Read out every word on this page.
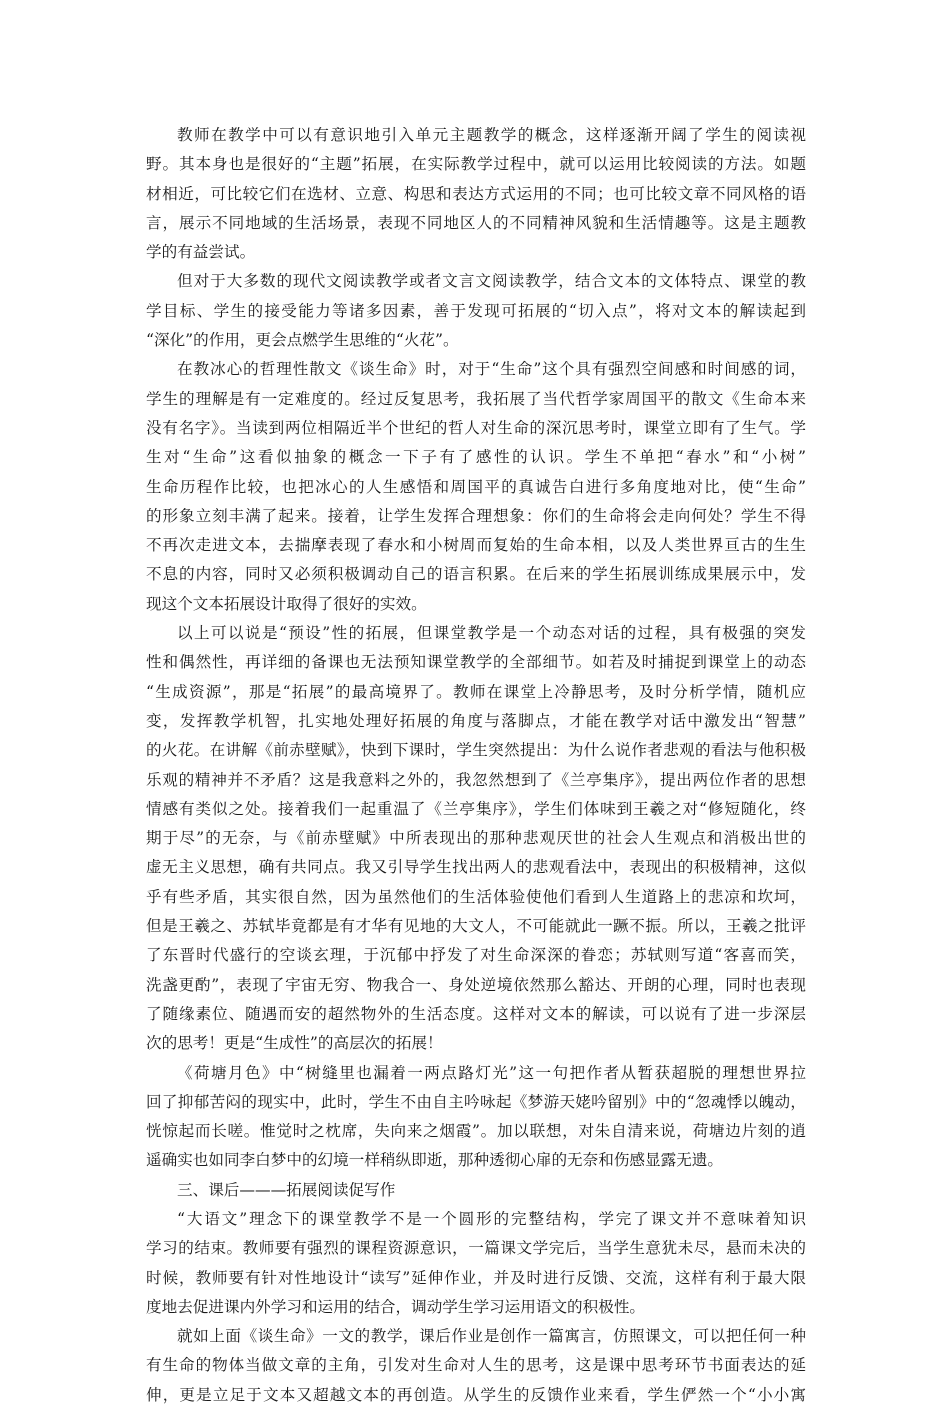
教师在教学中可以有意识地引入单元主题教学的概念，这样逐渐开阔了学生的阅读视
野。其本身也是很好的“主题”拓展，在实际教学过程中，就可以运用比较阅读的方法。如题
材相近，可比较它们在选材、立意、构思和表达方式运用的不同；也可比较文章不同风格的语
言，展示不同地域的生活场景，表现不同地区人的不同精神风貌和生活情趣等。这是主题教
学的有益尝试。
但对于大多数的现代文阅读教学或者文言文阅读教学，结合文本的文体特点、课堂的教
学目标、学生的接受能力等诸多因素，善于发现可拓展的“切入点”，将对文本的解读起到
“深化”的作用，更会点燃学生思维的“火花”。
在教冰心的哲理性散文《谈生命》时，对于“生命”这个具有强烈空间感和时间感的词，
学生的理解是有一定难度的。经过反复思考，我拓展了当代哲学家周国平的散文《生命本来
没有名字》。当读到两位相隔近半个世纪的哲人对生命的深沉思考时，课堂立即有了生气。学
生对“生命”这看似抽象的概念一下子有了感性的认识。学生不单把“春水”和“小树”
生命历程作比较，也把冰心的人生感悟和周国平的真诚告白进行多角度地对比，使“生命”
的形象立刻丰满了起来。接着，让学生发挥合理想象：你们的生命将会走向何处？学生不得
不再次走进文本，去揣摩表现了春水和小树周而复始的生命本相，以及人类世界亘古的生生
不息的内容，同时又必须积极调动自己的语言积累。在后来的学生拓展训练成果展示中，发
现这个文本拓展设计取得了很好的实效。
以上可以说是“预设”性的拓展，但课堂教学是一个动态对话的过程，具有极强的突发
性和偶然性，再详细的备课也无法预知课堂教学的全部细节。如若及时捕捉到课堂上的动态
“生成资源”，那是“拓展”的最高境界了。教师在课堂上冷静思考，及时分析学情，随机应
变，发挥教学机智，扎实地处理好拓展的角度与落脚点，才能在教学对话中激发出“智慧”
的火花。在讲解《前赤壁赋》，快到下课时，学生突然提出：为什么说作者悲观的看法与他积极
乐观的精神并不矛盾？这是我意料之外的，我忽然想到了《兰亭集序》，提出两位作者的思想
情感有类似之处。接着我们一起重温了《兰亭集序》，学生们体味到王羲之对“修短随化，终
期于尽”的无奈，与《前赤壁赋》中所表现出的那种悲观厌世的社会人生观点和消极出世的
虚无主义思想，确有共同点。我又引导学生找出两人的悲观看法中，表现出的积极精神，这似
乎有些矛盾，其实很自然，因为虽然他们的生活体验使他们看到人生道路上的悲凉和坎坷，
但是王羲之、苏轼毕竟都是有才华有见地的大文人，不可能就此一蹶不振。所以，王羲之批评
了东晋时代盛行的空谈玄理，于沉郁中抒发了对生命深深的眷恋；苏轼则写道“客喜而笑，
洗盏更酌”，表现了宇宙无穷、物我合一、身处逆境依然那么豁达、开朗的心理，同时也表现
了随缘素位、随遇而安的超然物外的生活态度。这样对文本的解读，可以说有了进一步深层
次的思考！更是“生成性”的高层次的拓展！
《荷塘月色》中“树缝里也漏着一两点路灯光”这一句把作者从暂获超脱的理想世界拉
回了抑郁苦闷的现实中，此时，学生不由自主吟咏起《梦游天姥吟留别》中的“忽魂悸以魄动，
恍惊起而长嗟。惟觉时之枕席，失向来之烟霞”。加以联想，对朱自清来说，荷塘边片刻的逍
遥确实也如同李白梦中的幻境一样稍纵即逝，那种透彻心扉的无奈和伤感显露无遗。
三、课后———拓展阅读促写作
“大语文”理念下的课堂教学不是一个圆形的完整结构，学完了课文并不意味着知识
学习的结束。教师要有强烈的课程资源意识，一篇课文学完后，当学生意犹未尽，悬而未决的
时候，教师要有针对性地设计“读写”延伸作业，并及时进行反馈、交流，这样有利于最大限
度地去促进课内外学习和运用的结合，调动学生学习运用语文的积极性。
就如上面《谈生命》一文的教学，课后作业是创作一篇寓言，仿照课文，可以把任何一种
有生命的物体当做文章的主角，引发对生命对人生的思考，这是课中思考环节书面表达的延
伸，更是立足于文本又超越文本的再创造。从学生的反馈作业来看，学生俨然一个“小小寓
